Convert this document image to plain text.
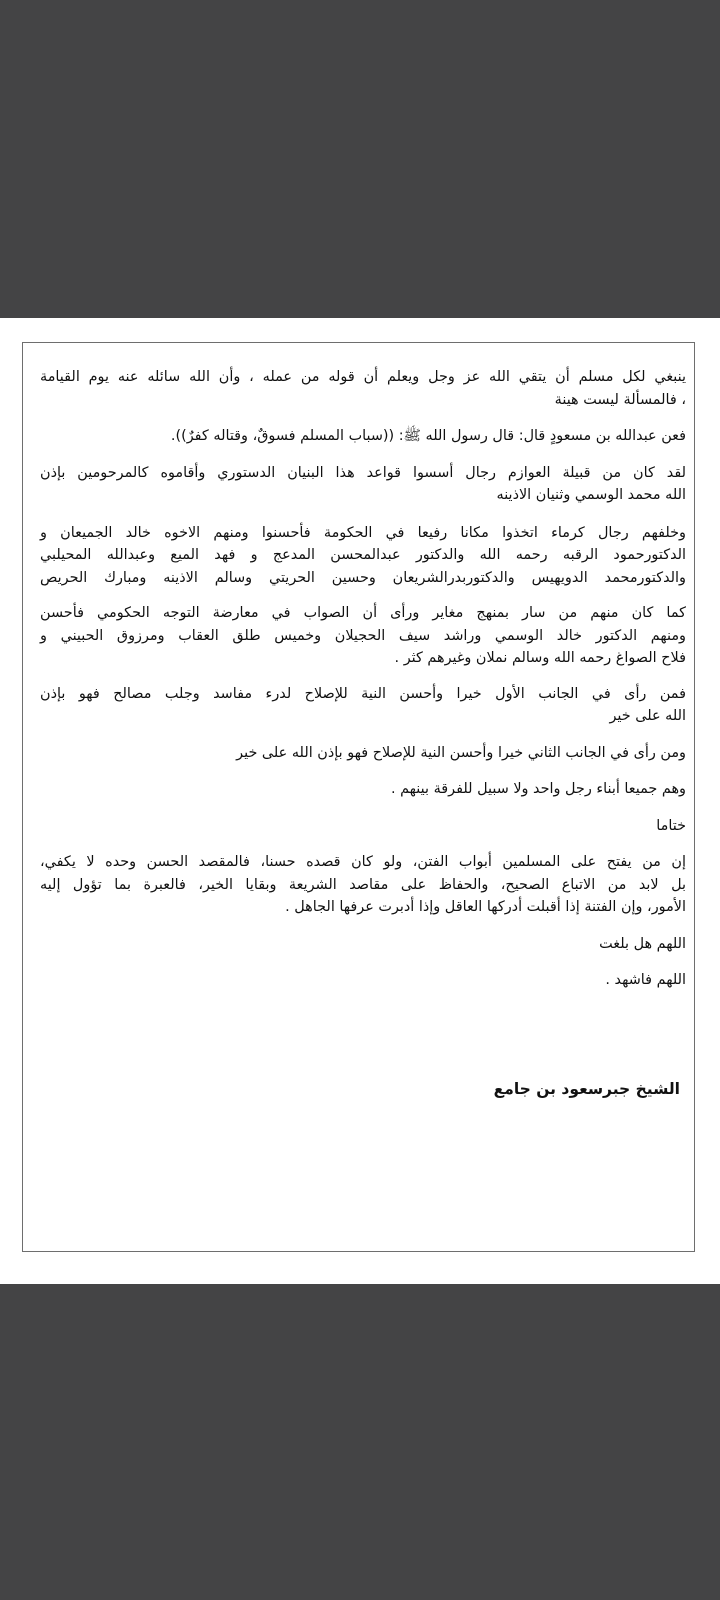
ينبغي لكل مسلم أن يتقي الله عز وجل ويعلم أن قوله من عمله ، وأن الله سائله عنه يوم القيامة
، فالمسألة ليست هينة

فعن عبدالله بن مسعودٍ قال: قال رسول الله ﷺ: ((سباب المسلم فسوقٌ، وقتاله كفرٌ)).

لقد كان من قبيلة العوازم رجال أسسوا قواعد هذا البنيان الدستوري وأقاموه كالمرحومين بإذن
الله محمد الوسمي وثنيان الاذينه

وخلفهم رجال كرماء اتخذوا مكانا رفيعا في الحكومة فأحسنوا ومنهم الاخوه خالد الجميعان و
الدكتورحمود الرقبه رحمه الله والدكتور عبدالمحسن المدعج و فهد الميع وعبدالله المحيلبي
والدكتورمحمد الدويهيس والدكتوربدرالشريعان وحسين الحريتي وسالم الاذينه ومبارك الحريص

كما كان منهم من سار بمنهج مغاير ورأى أن الصواب في معارضة التوجه الحكومي فأحسن
ومنهم الدكتور خالد الوسمي وراشد سيف الحجيلان وخميس طلق العقاب ومرزوق الحبيني و
فلاح الصواغ رحمه الله وسالم نملان وغيرهم كثر .

فمن رأى في الجانب الأول خيرا وأحسن النية للإصلاح لدرء مفاسد وجلب مصالح فهو بإذن
الله على خير

ومن رأى في الجانب الثاني خيرا وأحسن النية للإصلاح فهو بإذن الله على خير

وهم جميعا أبناء رجل واحد ولا سبيل للفرقة بينهم .

ختاما

إن من يفتح على المسلمين أبواب الفتن، ولو كان قصده حسنا، فالمقصد الحسن وحده لا يكفي،
بل لابد من الاتباع الصحيح، والحفاظ على مقاصد الشريعة وبقايا الخير، فالعبرة بما تؤول إليه
الأمور، وإن الفتنة إذا أقبلت أدركها العاقل وإذا أدبرت عرفها الجاهل .

اللهم هل بلغت

اللهم فاشهد .

الشيخ جبرسعود بن جامع
